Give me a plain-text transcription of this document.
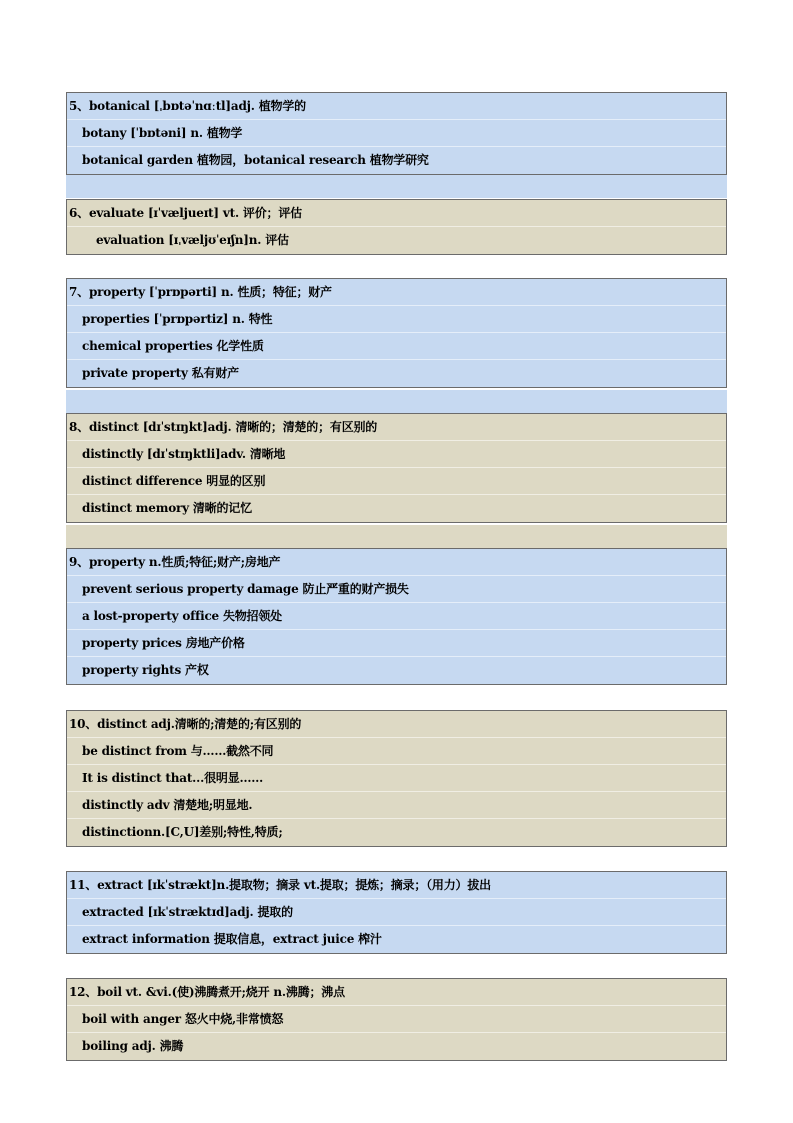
5、botanical [ˌbɒtəˈnɑːtl]adj. 植物学的
botany [ˈbɒtəni] n. 植物学
botanical garden 植物园，botanical research 植物学研究
6、evaluate [ɪˈvæljueɪt] vt. 评价；评估
evaluation [ɪˌvæljʊˈeɪʃn]n. 评估
7、property [ˈprɒpərti] n. 性质；特征；财产
properties [ˈprɒpərtiz] n. 特性
chemical properties 化学性质
private property 私有财产
8、distinct [dɪˈstɪŋkt]adj. 清晰的；清楚的；有区别的
distinctly [dɪˈstɪŋktli]adv. 清晰地
distinct difference 明显的区别
distinct memory 清晰的记忆
9、property n.性质;特征;财产;房地产
prevent serious property damage 防止严重的财产损失
a lost-property office 失物招领处
property prices 房地产价格
property rights 产权
10、distinct adj.清晰的;清楚的;有区别的
be distinct from 与……截然不同
It is distinct that...很明显……
distinctly adv 清楚地;明显地.
distinctionn.[C,U]差别;特性,特质;
11、extract [ɪkˈstrækt]n.提取物；摘录 vt.提取；提炼；摘录；（用力）拔出
extracted [ɪkˈstræktɪd]adj. 提取的
extract information 提取信息，extract juice 榨汁
12、boil vt. &vi.(使)沸腾煮开;烧开 n.沸腾；沸点
boil with anger 怒火中烧,非常愤怒
boiling adj. 沸腾
